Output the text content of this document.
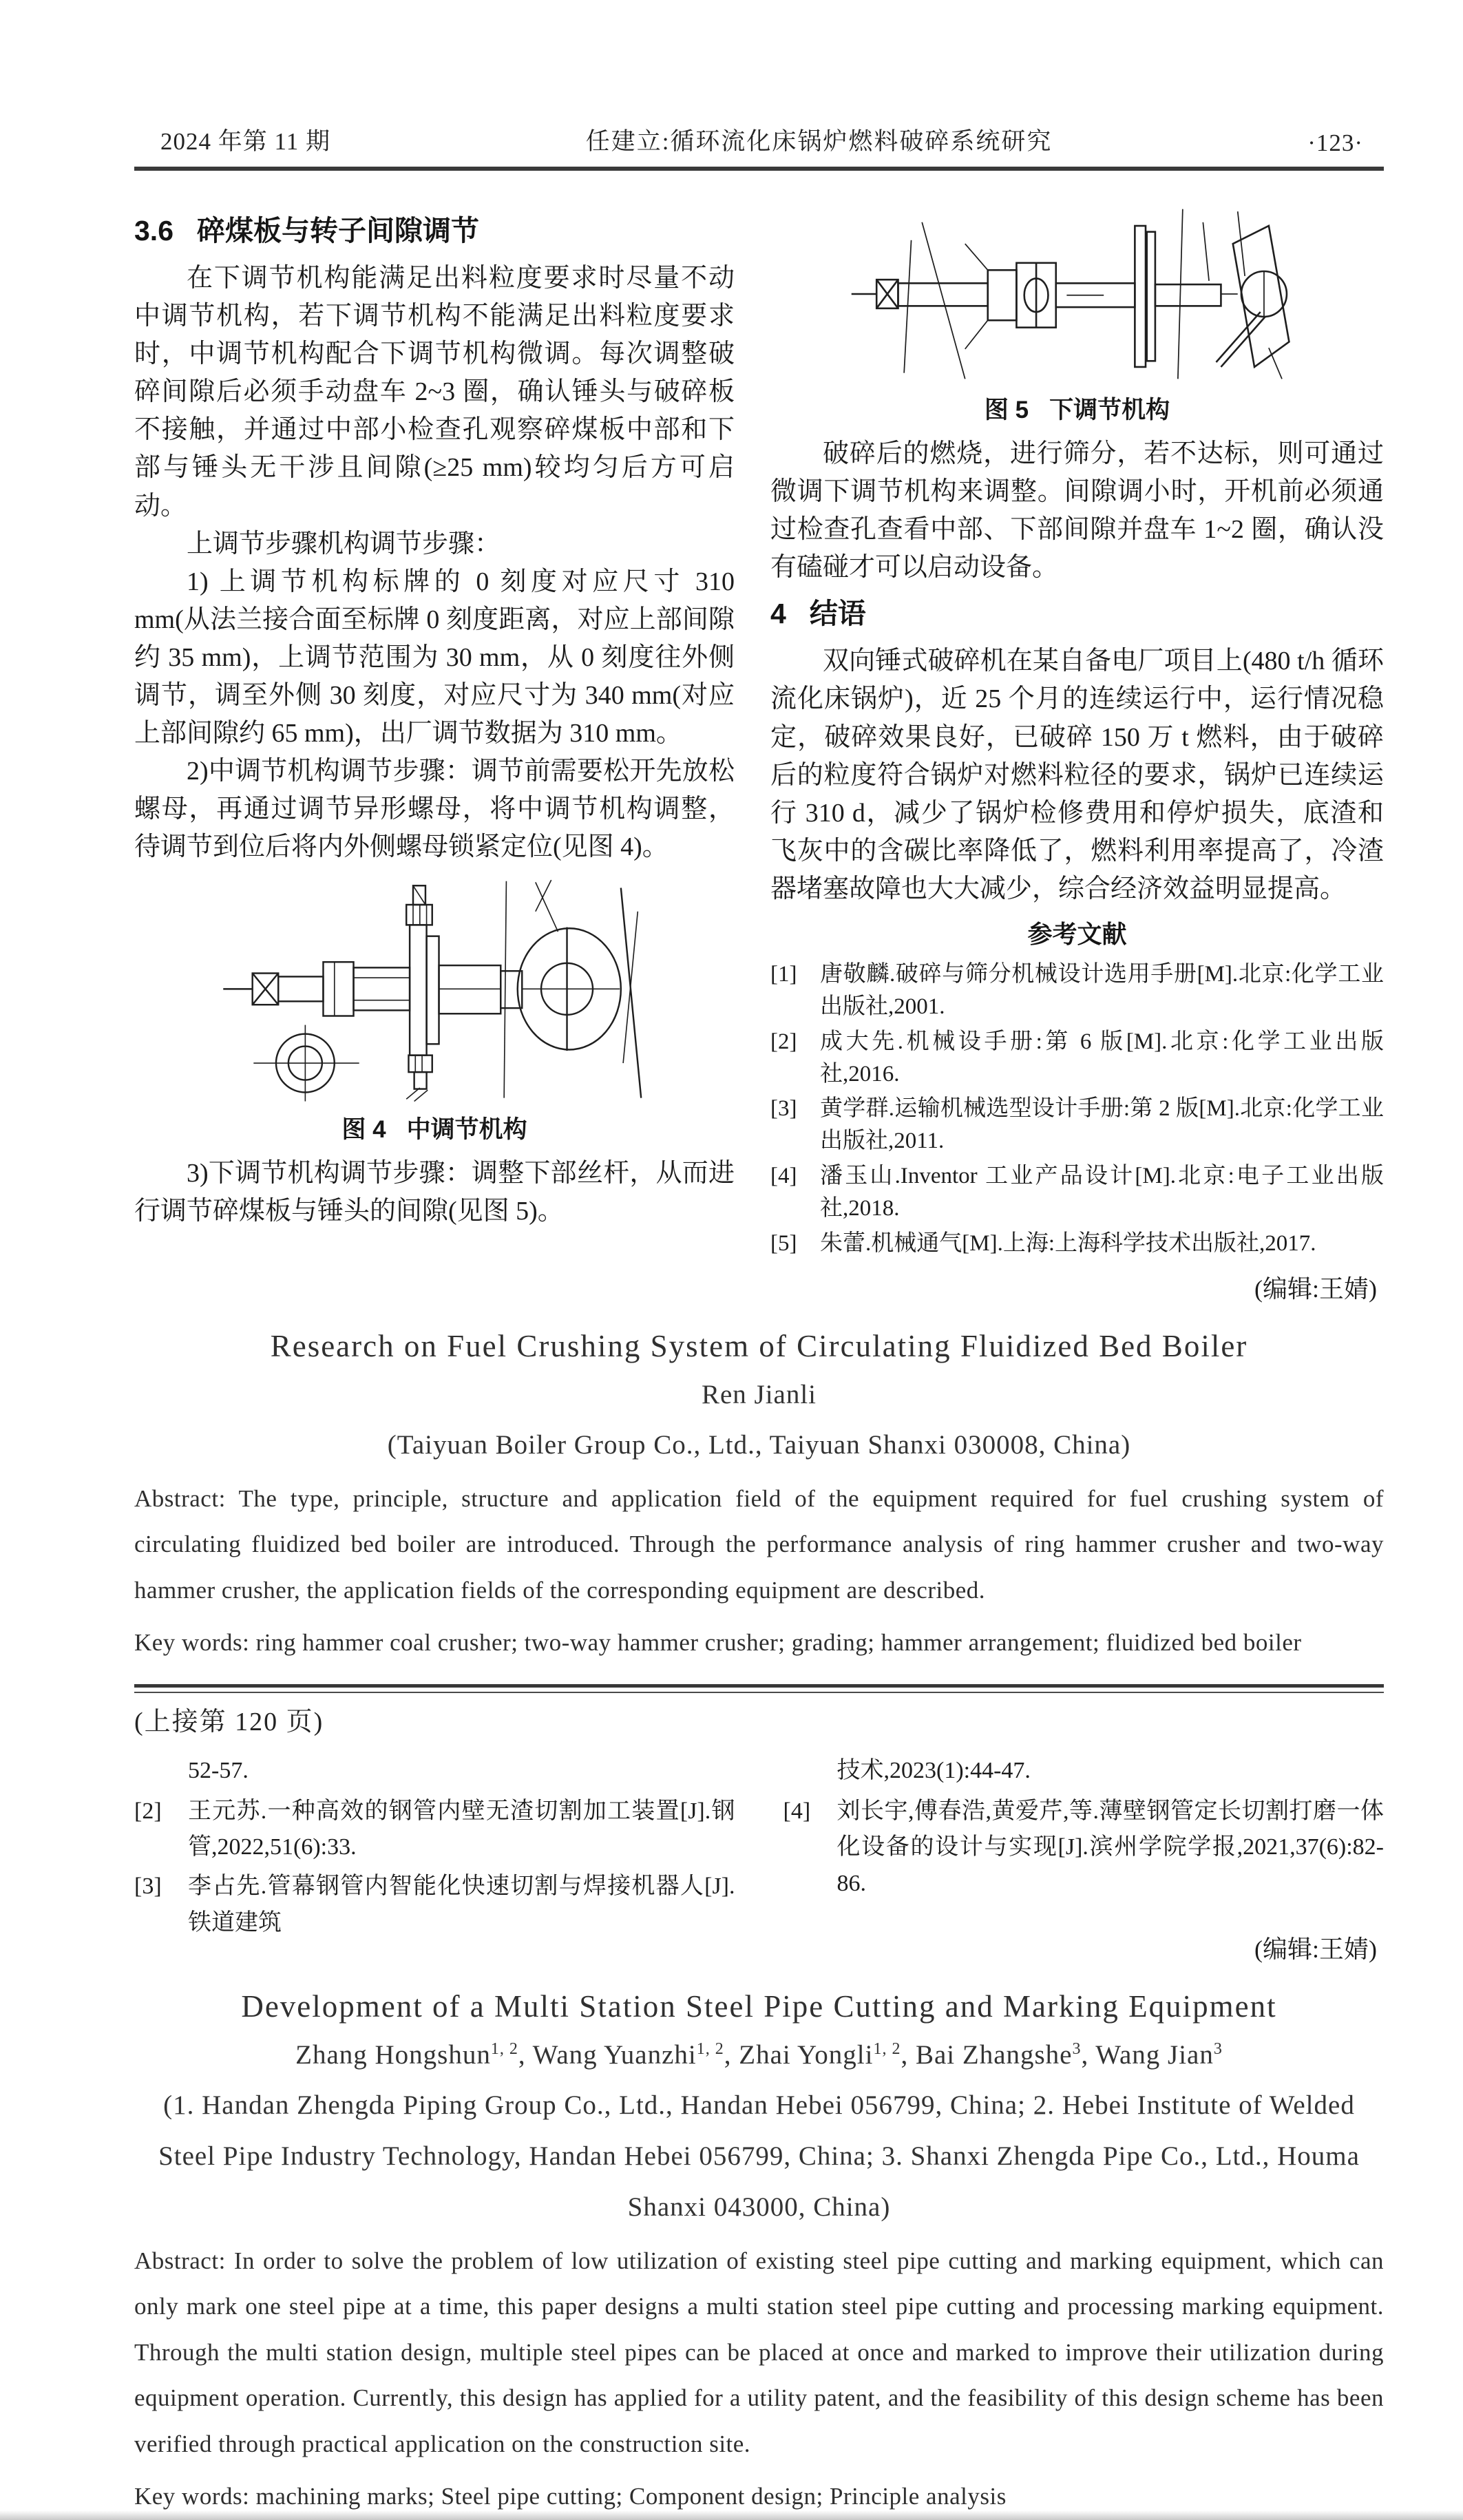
2024 年第 11 期	任建立:循环流化床锅炉燃料破碎系统研究	·123·
3.6 碎煤板与转子间隙调节

在下调节机构能满足出料粒度要求时尽量不动中调节机构，若下调节机构不能满足出料粒度要求时，中调节机构配合下调节机构微调。每次调整破碎间隙后必须手动盘车 2~3 圈，确认锤头与破碎板不接触，并通过中部小检查孔观察碎煤板中部和下部与锤头无干涉且间隙(≥25 mm)较均匀后方可启动。

上调节步骤机构调节步骤：

1) 上调节机构标牌的 0 刻度对应尺寸 310 mm(从法兰接合面至标牌 0 刻度距离，对应上部间隙约 35 mm)，上调节范围为 30 mm，从 0 刻度往外侧调节，调至外侧 30 刻度，对应尺寸为 340 mm(对应上部间隙约 65 mm)，出厂调节数据为 310 mm。

2)中调节机构调节步骤：调节前需要松开先放松螺母，再通过调节异形螺母，将中调节机构调整，待调节到位后将内外侧螺母锁紧定位(见图 4)。

图 4 中调节机构

3)下调节机构调节步骤：调整下部丝杆，从而进行调节碎煤板与锤头的间隙(见图 5)。

图 5 下调节机构

破碎后的燃烧，进行筛分，若不达标，则可通过微调下调节机构来调整。间隙调小时，开机前必须通过检查孔查看中部、下部间隙并盘车 1~2 圈，确认没有磕碰才可以启动设备。

4 结语

双向锤式破碎机在某自备电厂项目上(480 t/h 循环流化床锅炉)，近 25 个月的连续运行中，运行情况稳定，破碎效果良好，已破碎 150 万 t 燃料，由于破碎后的粒度符合锅炉对燃料粒径的要求，锅炉已连续运行 310 d，减少了锅炉检修费用和停炉损失，底渣和飞灰中的含碳比率降低了，燃料利用率提高了，冷渣器堵塞故障也大大减少，综合经济效益明显提高。

参考文献
[1]	唐敬麟.破碎与筛分机械设计选用手册[M].北京:化学工业出版社,2001.
[2]	成大先.机械设手册:第 6 版[M].北京:化学工业出版社,2016.
[3]	黄学群.运输机械选型设计手册:第 2 版[M].北京:化学工业出版社,2011.
[4]	潘玉山.Inventor 工业产品设计[M].北京:电子工业出版社,2018.
[5]	朱蕾.机械通气[M].上海:上海科学技术出版社,2017.
(编辑:王婧)
Research on Fuel Crushing System of Circulating Fluidized Bed Boiler
Ren Jianli
(Taiyuan Boiler Group Co., Ltd., Taiyuan Shanxi 030008, China)

Abstract: The type, principle, structure and application field of the equipment required for fuel crushing system of circulating fluidized bed boiler are introduced. Through the performance analysis of ring hammer crusher and two-way hammer crusher, the application fields of the corresponding equipment are described.

Key words: ring hammer coal crusher; two-way hammer crusher; grading; hammer arrangement; fluidized bed boiler

(上接第 120 页)
52-57.
[2]	王元苏.一种高效的钢管内壁无渣切割加工装置[J].钢管,2022,51(6):33.
[3]	李占先.管幕钢管内智能化快速切割与焊接机器人[J].铁道建筑
技术,2023(1):44-47.
[4]	刘长宇,傅春浩,黄爱芹,等.薄壁钢管定长切割打磨一体化设备的设计与实现[J].滨州学院学报,2021,37(6):82-86.
(编辑:王婧)
Development of a Multi Station Steel Pipe Cutting and Marking Equipment
Zhang Hongshun$^{1, 2}$, Wang Yuanzhi$^{1, 2}$, Zhai Yongli$^{1, 2}$, Bai Zhangshe$^3$, Wang Jian$^3$
(1. Handan Zhengda Piping Group Co., Ltd., Handan Hebei 056799, China; 2. Hebei Institute of Welded Steel Pipe Industry Technology, Handan Hebei 056799, China; 3. Shanxi Zhengda Pipe Co., Ltd., Houma Shanxi 043000, China)

Abstract: In order to solve the problem of low utilization of existing steel pipe cutting and marking equipment, which can only mark one steel pipe at a time, this paper designs a multi station steel pipe cutting and processing marking equipment. Through the multi station design, multiple steel pipes can be placed at once and marked to improve their utilization during equipment operation. Currently, this design has applied for a utility patent, and the feasibility of this design scheme has been verified through practical application on the construction site.

Key words: machining marks; Steel pipe cutting; Component design; Principle analysis
